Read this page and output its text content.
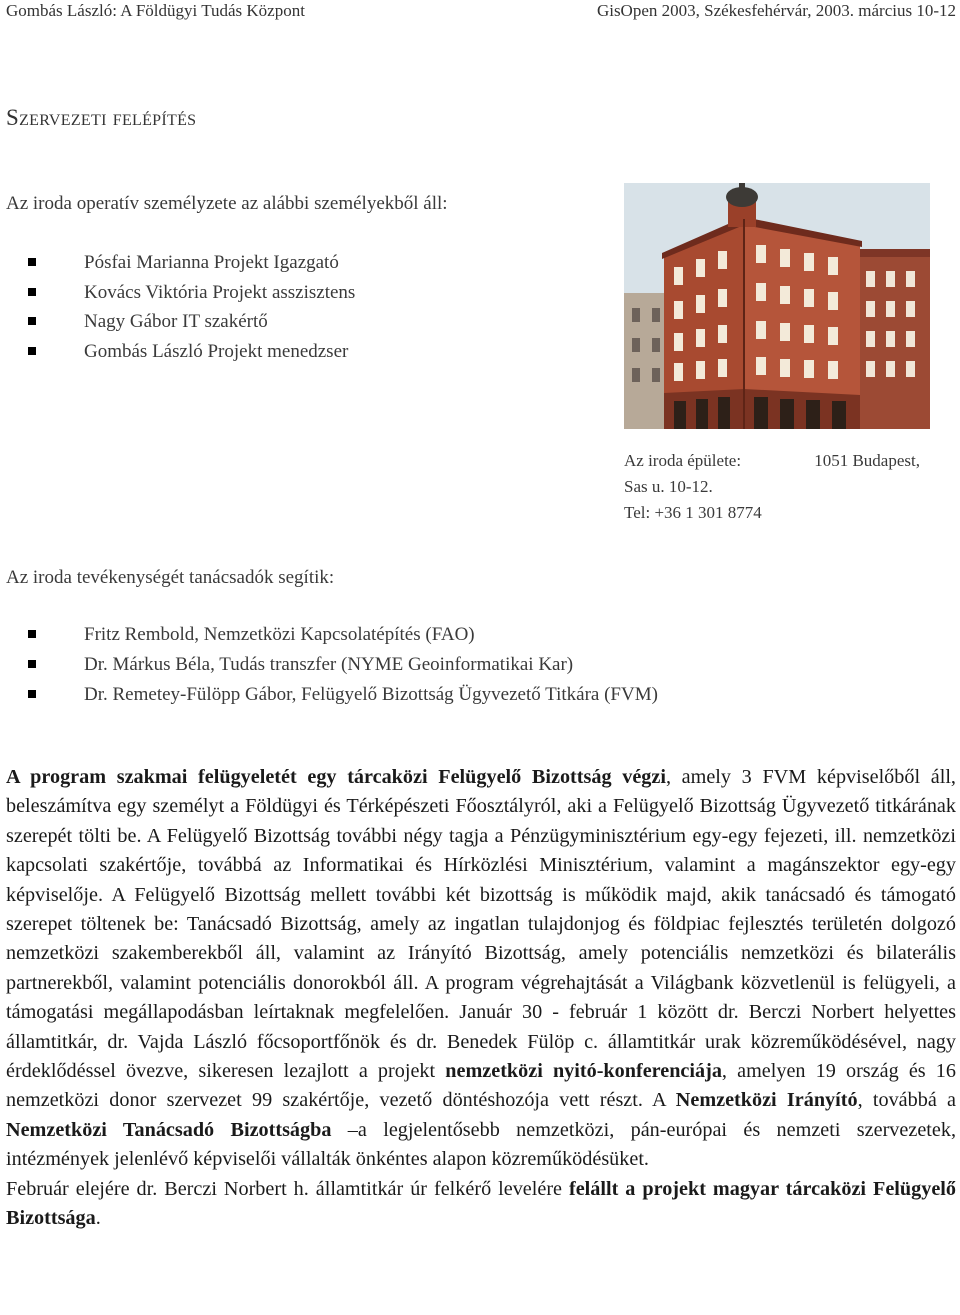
Gombás László: A Földügyi Tudás Központ	GisOpen 2003, Székesfehérvár, 2003. március 10-12
Szervezeti felépítés
Az iroda operatív személyzete az alábbi személyekből áll:
Pósfai Marianna Projekt Igazgató
Kovács Viktória Projekt asszisztens
Nagy Gábor IT szakértő
Gombás László Projekt menedzser
Az iroda épülete:	1051 Budapest,
Sas u. 10-12.
Tel: +36 1 301 8774
Az iroda tevékenységét tanácsadók segítik:
Fritz Rembold, Nemzetközi Kapcsolatépítés (FAO)
Dr. Márkus Béla, Tudás transzfer (NYME Geoinformatikai Kar)
Dr. Remetey-Fülöpp Gábor, Felügyelő Bizottság Ügyvezető Titkára (FVM)

A program szakmai felügyeletét egy tárcaközi Felügyelő Bizottság végzi, amely 3 FVM képviselőből áll, beleszámítva egy személyt a Földügyi és Térképészeti Főosztályról, aki a Felügyelő Bizottság Ügyvezető titkárának szerepét tölti be. A Felügyelő Bizottság további négy tagja a Pénzügyminisztérium egy-egy fejezeti, ill. nemzetközi kapcsolati szakértője, továbbá az Informatikai és Hírközlési Minisztérium, valamint a magánszektor egy-egy képviselője. A Felügyelő Bizottság mellett további két bizottság is működik majd, akik tanácsadó és támogató szerepet töltenek be: Tanácsadó Bizottság, amely az ingatlan tulajdonjog és földpiac fejlesztés területén dolgozó nemzetközi szakemberekből áll, valamint az Irányító Bizottság, amely potenciális nemzetközi és bilaterális partnerekből, valamint potenciális donorokból áll. A program végrehajtását a Világbank közvetlenül is felügyeli, a támogatási megállapodásban leírtaknak megfelelően. Január 30 - február 1 között dr. Berczi Norbert helyettes államtitkár, dr. Vajda László főcsoportfőnök és dr. Benedek Fülöp c. államtitkár urak közreműködésével, nagy érdeklődéssel övezve, sikeresen lezajlott a projekt nemzetközi nyitó-konferenciája, amelyen 19 ország és 16 nemzetközi donor szervezet 99 szakértője, vezető döntéshozója vett részt. A Nemzetközi Irányító, továbbá a Nemzetközi Tanácsadó Bizottságba –a legjelentősebb nemzetközi, pán-európai és nemzeti szervezetek, intézmények jelenlévő képviselői vállalták önkéntes alapon közreműködésüket.

Február elejére dr. Berczi Norbert h. államtitkár úr felkérő levelére felállt a projekt magyar tárcaközi Felügyelő Bizottsága.
